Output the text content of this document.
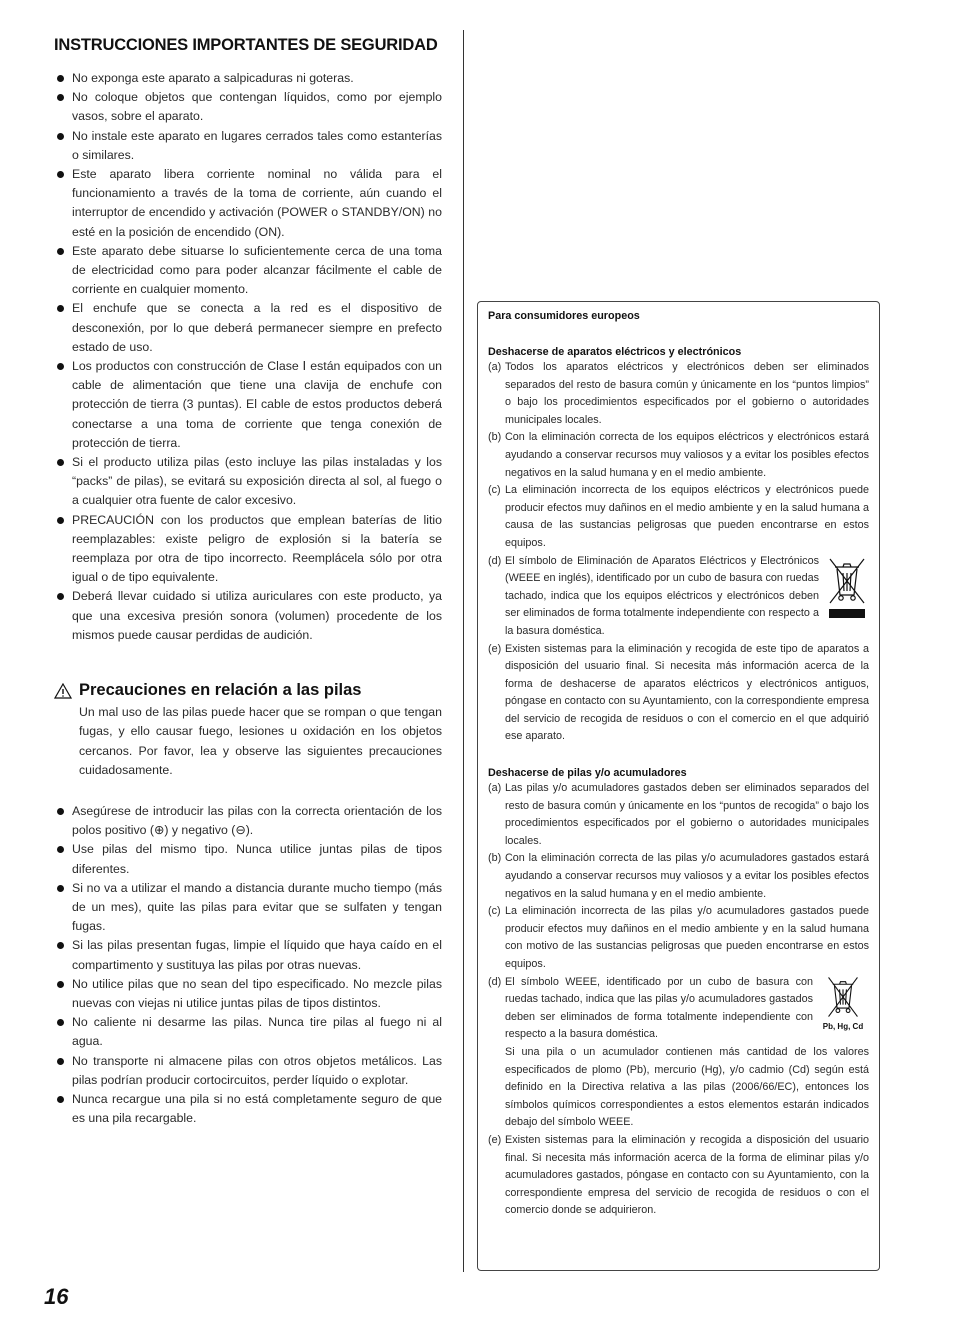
INSTRUCCIONES IMPORTANTES DE SEGURIDAD
No exponga este aparato a salpicaduras ni goteras.
No coloque objetos que contengan líquidos, como por ejemplo vasos, sobre el aparato.
No instale este aparato en lugares cerrados tales como estanterías o similares.
Este aparato libera corriente nominal no válida para el funcionamiento a través de la toma de corriente, aún cuando el interruptor de encendido y activación (POWER o STANDBY/ON) no esté en la posición de encendido (ON).
Este aparato debe situarse lo suficientemente cerca de una toma de electricidad como para poder alcanzar fácilmente el cable de corriente en cualquier momento.
El enchufe que se conecta a la red es el dispositivo de desconexión, por lo que deberá permanecer siempre en prefecto estado de uso.
Los productos con construcción de Clase Ⅰ están equipados con un cable de alimentación que tiene una clavija de enchufe con protección de tierra (3 puntas). El cable de estos productos deberá conectarse a una toma de corriente que tenga conexión de protección de tierra.
Si el producto utiliza pilas (esto incluye las pilas instaladas y los “packs” de pilas), se evitará su exposición directa al sol, al fuego o a cualquier otra fuente de calor excesivo.
PRECAUCIÓN con los productos que emplean baterías de litio reemplazables: existe peligro de explosión si la batería se reemplaza por otra de tipo incorrecto. Reemplácela sólo por otra igual o de tipo equivalente.
Deberá llevar cuidado si utiliza auriculares con este producto, ya que una excesiva presión sonora (volumen) procedente de los mismos puede causar perdidas de audición.
Precauciones en relación a las pilas
Un mal uso de las pilas puede hacer que se rompan o que tengan fugas, y ello causar fuego, lesiones u oxidación en los objetos cercanos. Por favor, lea y observe las siguientes precauciones cuidadosamente.
Asegúrese de introducir las pilas con la correcta orientación de los polos positivo (⊕) y negativo (⊖).
Use pilas del mismo tipo. Nunca utilice juntas pilas de tipos diferentes.
Si no va a utilizar el mando a distancia durante mucho tiempo (más de un mes), quite las pilas para evitar que se sulfaten y tengan fugas.
Si las pilas presentan fugas, limpie el líquido que haya caído en el compartimento y sustituya las pilas por otras nuevas.
No utilice pilas que no sean del tipo especificado. No mezcle pilas nuevas con viejas ni utilice juntas pilas de tipos distintos.
No caliente ni desarme las pilas. Nunca tire pilas al fuego ni al agua.
No transporte ni almacene pilas con otros objetos metálicos. Las pilas podrían producir cortocircuitos, perder líquido o explotar.
Nunca recargue una pila si no está completamente seguro de que es una pila recargable.
Para consumidores europeos
Deshacerse de aparatos eléctricos y electrónicos

(a) Todos los aparatos eléctricos y electrónicos deben ser eliminados separados del resto de basura común y únicamente en los “puntos limpios” o bajo los procedimientos especificados por el gobierno o autoridades municipales locales.

(b) Con la eliminación correcta de los equipos eléctricos y electrónicos estará ayudando a conservar recursos muy valiosos y a evitar los posibles efectos negativos en la salud humana y en el medio ambiente.

(c) La eliminación incorrecta de los equipos eléctricos y electrónicos puede producir efectos muy dañinos en el medio ambiente y en la salud humana a causa de las sustancias peligrosas que pueden encontrarse en estos equipos.

(d) El símbolo de Eliminación de Aparatos Eléctricos y Electrónicos (WEEE en inglés), identificado por un cubo de basura con ruedas tachado, indica que los equipos eléctricos y electrónicos deben ser eliminados de forma totalmente independiente con respecto a la basura doméstica.

(e) Existen sistemas para la eliminación y recogida de este tipo de aparatos a disposición del usuario final. Si necesita más información acerca de la forma de deshacerse de aparatos eléctricos y electrónicos antiguos, póngase en contacto con su Ayuntamiento, con la correspondiente empresa del servicio de recogida de residuos o con el comercio en el que adquirió ese aparato.

Deshacerse de pilas y/o acumuladores

(a) Las pilas y/o acumuladores gastados deben ser eliminados separados del resto de basura común y únicamente en los “puntos de recogida” o bajo los procedimientos especificados por el gobierno o autoridades municipales locales.

(b) Con la eliminación correcta de las pilas y/o acumuladores gastados estará ayudando a conservar recursos muy valiosos y a evitar los posibles efectos negativos en la salud humana y en el medio ambiente.

(c) La eliminación incorrecta de las pilas y/o acumuladores gastados puede producir efectos muy dañinos en el medio ambiente y en la salud humana con motivo de las sustancias peligrosas que pueden encontrarse en estos equipos.

(d) El símbolo WEEE, identificado por un cubo de basura con ruedas tachado, indica que las pilas y/o acumuladores gastados deben ser eliminados de forma totalmente independiente con respecto a la basura doméstica.

Pb, Hg, Cd

Si una pila o un acumulador contienen más cantidad de los valores especificados de plomo (Pb), mercurio (Hg), y/o cadmio (Cd) según está definido en la Directiva relativa a las pilas (2006/66/EC), entonces los símbolos químicos correspondientes a estos elementos estarán indicados debajo del símbolo WEEE.

(e) Existen sistemas para la eliminación y recogida a disposición del usuario final. Si necesita más información acerca de la forma de eliminar pilas y/o acumuladores gastados, póngase en contacto con su Ayuntamiento, con la correspondiente empresa del servicio de recogida de residuos o con el comercio donde se adquirieron.

16
